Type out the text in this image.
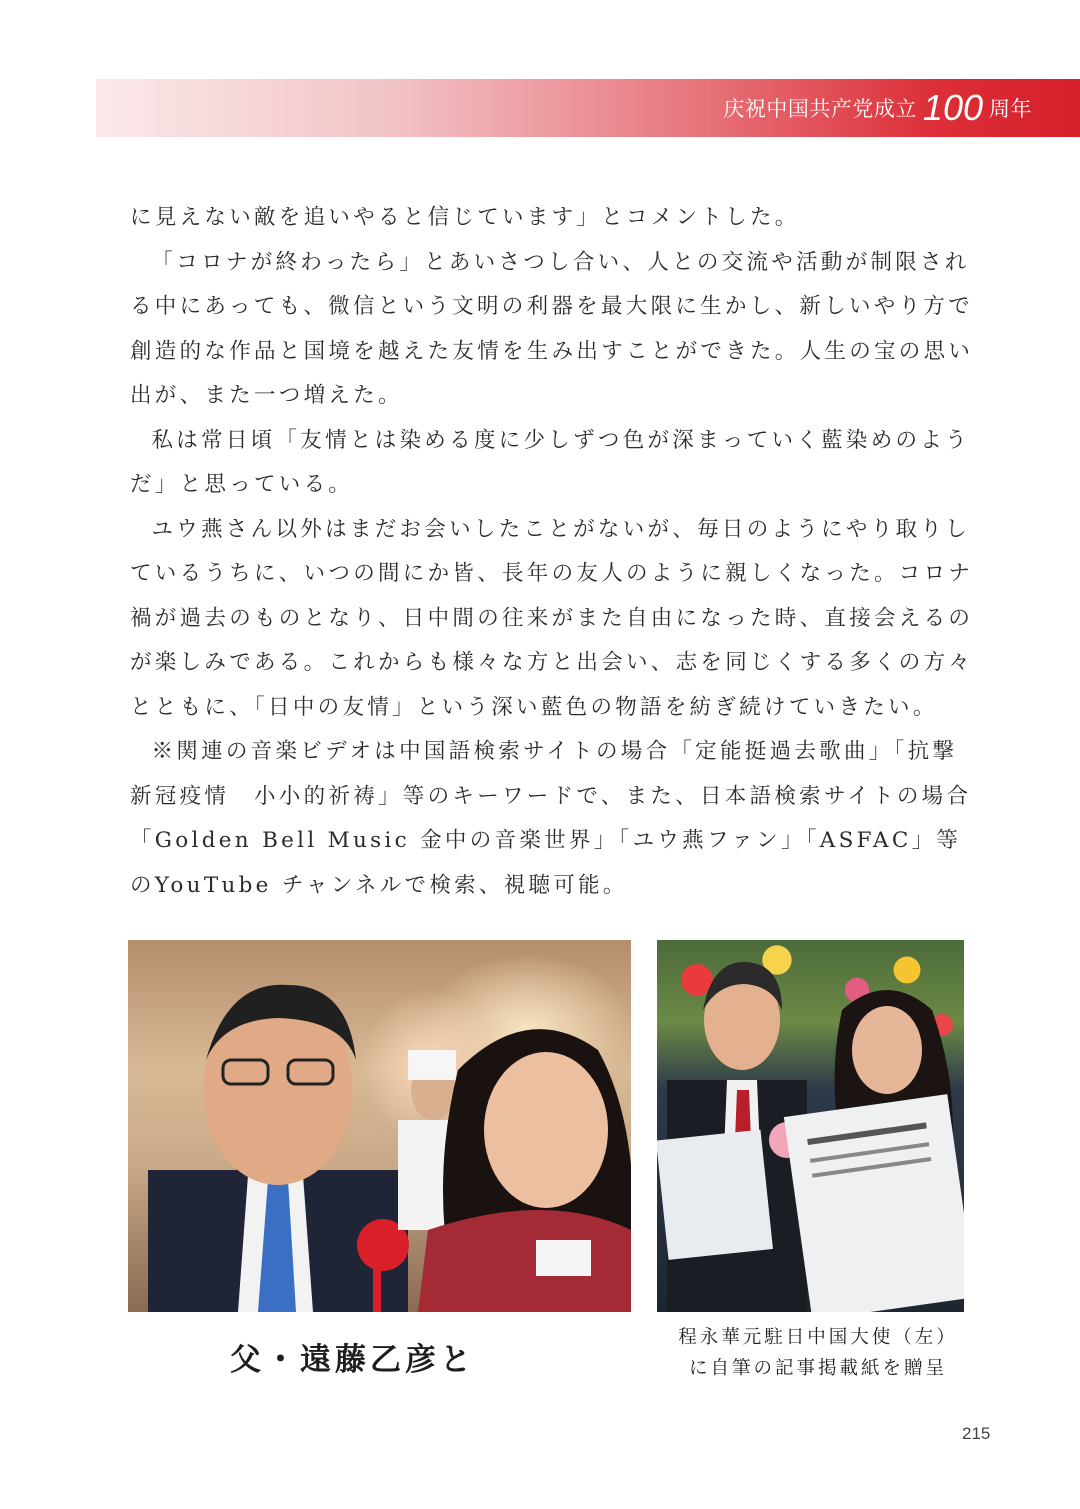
庆祝中国共产党成立 100 周年

に見えない敵を追いやると信じています」とコメントした。

「コロナが終わったら」とあいさつし合い、人との交流や活動が制限される中にあっても、微信という文明の利器を最大限に生かし、新しいやり方で創造的な作品と国境を越えた友情を生み出すことができた。人生の宝の思い出が、また一つ増えた。

私は常日頃「友情とは染める度に少しずつ色が深まっていく藍染めのようだ」と思っている。

ユウ燕さん以外はまだお会いしたことがないが、毎日のようにやり取りしているうちに、いつの間にか皆、長年の友人のように親しくなった。コロナ禍が過去のものとなり、日中間の往来がまた自由になった時、直接会えるのが楽しみである。これからも様々な方と出会い、志を同じくする多くの方々とともに、「日中の友情」という深い藍色の物語を紡ぎ続けていきたい。

※関連の音楽ビデオは中国語検索サイトの場合「定能挺過去歌曲」「抗撃新冠疫情　小小的祈祷」等のキーワードで、また、日本語検索サイトの場合「Golden Bell Music 金中の音楽世界」「ユウ燕ファン」「ASFAC」等のYouTube チャンネルで検索、視聴可能。

父・遠藤乙彦と
程永華元駐日中国大使（左）
に自筆の記事掲載紙を贈呈
215
